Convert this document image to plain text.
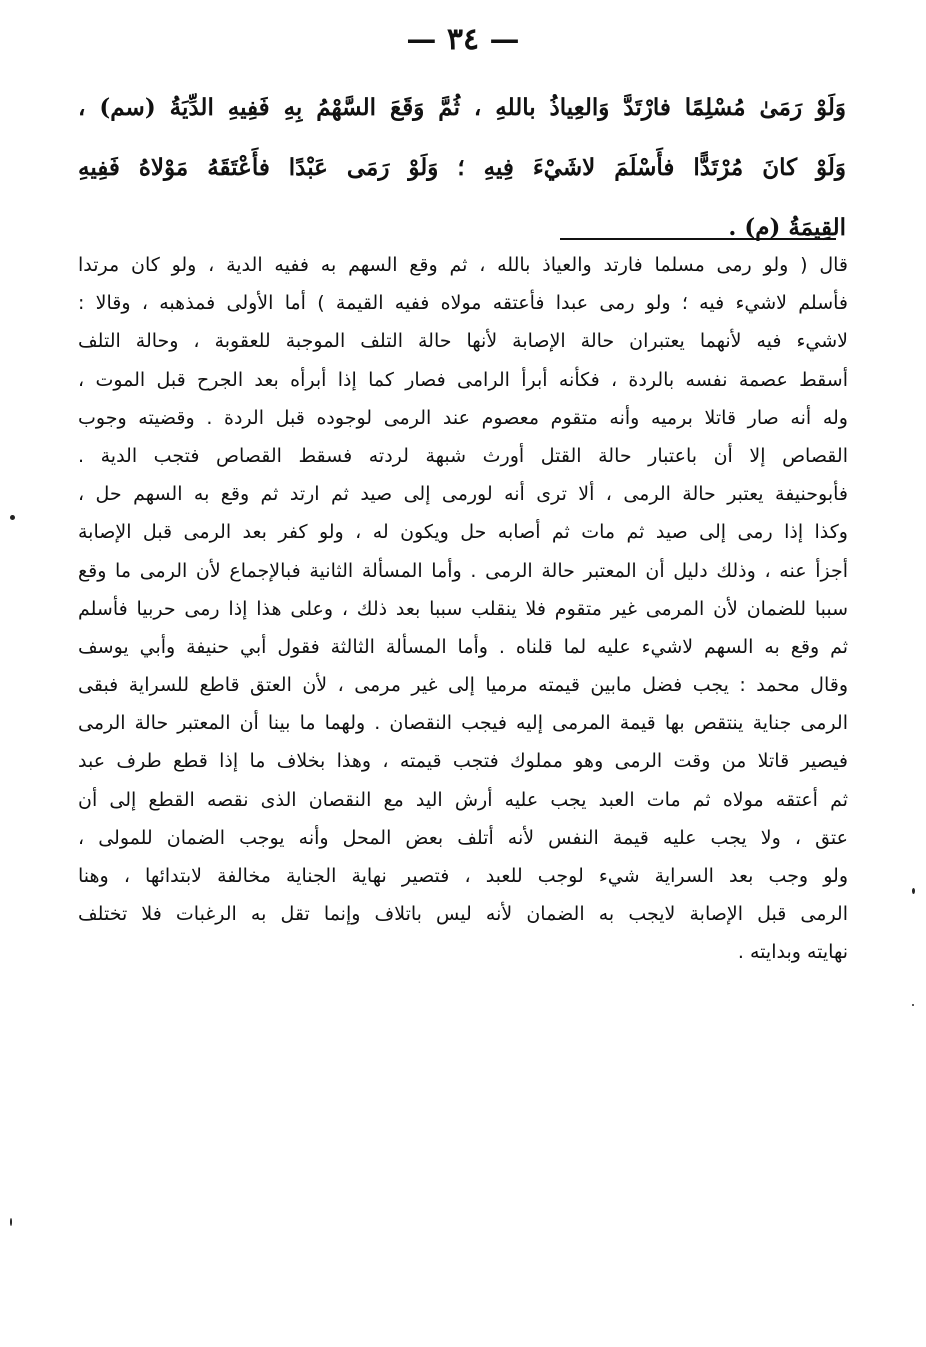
— ٣٤ —
وَلَوْ رَمَىٰ مُسْلِمًا فارْتَدَّ وَالعِياذُ باللهِ ، ثُمَّ وَقَعَ السَّهْمُ بِهِ فَفِيهِ الدِّيَةُ (سم) ،
وَلَوْ كانَ مُرْتَدًّا فأَسْلَمَ لاشَيْءَ فِيهِ ؛ وَلَوْ رَمَى عَبْدًا فأَعْتَقَهُ مَوْلاهُ فَفِيهِ
القِيمَةُ (م) .
قال ( ولو رمى مسلما فارتد والعياذ بالله ، ثم وقع السهم به ففيه الدية ، ولو كان مرتدا
فأسلم لاشيء فيه ؛ ولو رمى عبدا فأعتقه مولاه ففيه القيمة ) أما الأولى فمذهبه ، وقالا :
لاشيء فيه لأنهما يعتبران حالة الإصابة لأنها حالة التلف الموجبة للعقوبة ، وحالة التلف
أسقط عصمة نفسه بالردة ، فكأنه أبرأ الرامى فصار كما إذا أبرأه بعد الجرح قبل الموت ،
وله أنه صار قاتلا برميه وأنه متقوم معصوم عند الرمى لوجوده قبل الردة . وقضيته وجوب
القصاص إلا أن باعتبار حالة القتل أورث شبهة لردته فسقط القصاص فتجب الدية .
فأبوحنيفة يعتبر حالة الرمى ، ألا ترى أنه لورمى إلى صيد ثم ارتد ثم وقع به السهم حل ،
وكذا إذا رمى إلى صيد ثم مات ثم أصابه حل ويكون له ، ولو كفر بعد الرمى قبل الإصابة
أجزأ عنه ، وذلك دليل أن المعتبر حالة الرمى . وأما المسألة الثانية فبالإجماع لأن الرمى ما وقع
سببا للضمان لأن المرمى غير متقوم فلا ينقلب سببا بعد ذلك ، وعلى هذا إذا رمى حربيا فأسلم
ثم وقع به السهم لاشيء عليه لما قلناه . وأما المسألة الثالثة فقول أبي حنيفة وأبي يوسف
وقال محمد : يجب فضل مابين قيمته مرميا إلى غير مرمى ، لأن العتق قاطع للسراية فبقى
الرمى جناية ينتقص بها قيمة المرمى إليه فيجب النقصان . ولهما ما بينا أن المعتبر حالة الرمى
فيصير قاتلا من وقت الرمى وهو مملوك فتجب قيمته ، وهذا بخلاف ما إذا قطع طرف عبد
ثم أعتقه مولاه ثم مات العبد يجب عليه أرش اليد مع النقصان الذى نقصه القطع إلى أن
عتق ، ولا يجب عليه قيمة النفس لأنه أتلف بعض المحل وأنه يوجب الضمان للمولى ،
ولو وجب بعد السراية شيء لوجب للعبد ، فتصير نهاية الجناية مخالفة لابتدائها ، وهنا
الرمى قبل الإصابة لايجب به الضمان لأنه ليس باتلاف وإنما تقل به الرغبات فلا تختلف
نهايته وبدايته .
